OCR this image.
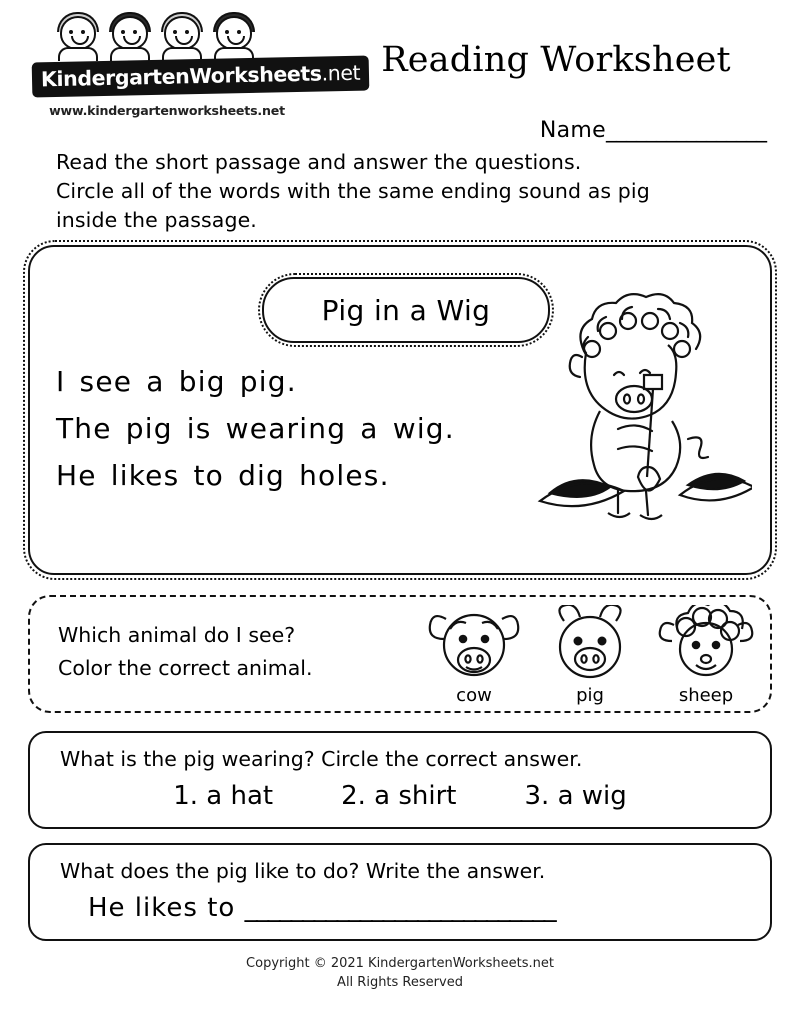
KindergartenWorksheets.net
www.kindergartenworksheets.net
Reading Worksheet
Name________________
Read the short passage and answer the questions.
Circle all of the words with the same ending sound as pig
inside the passage.
Pig in a Wig
I see a big pig.
The pig is wearing a wig.
He likes to dig holes.
Which animal do I see?
Color the correct animal.
cow	pig	sheep
What is the pig wearing? Circle the correct answer.
1. a hat	2. a shirt	3. a wig
What does the pig like to do? Write the answer.
He likes to ___________________________
Copyright © 2021 KindergartenWorksheets.net
All Rights Reserved
